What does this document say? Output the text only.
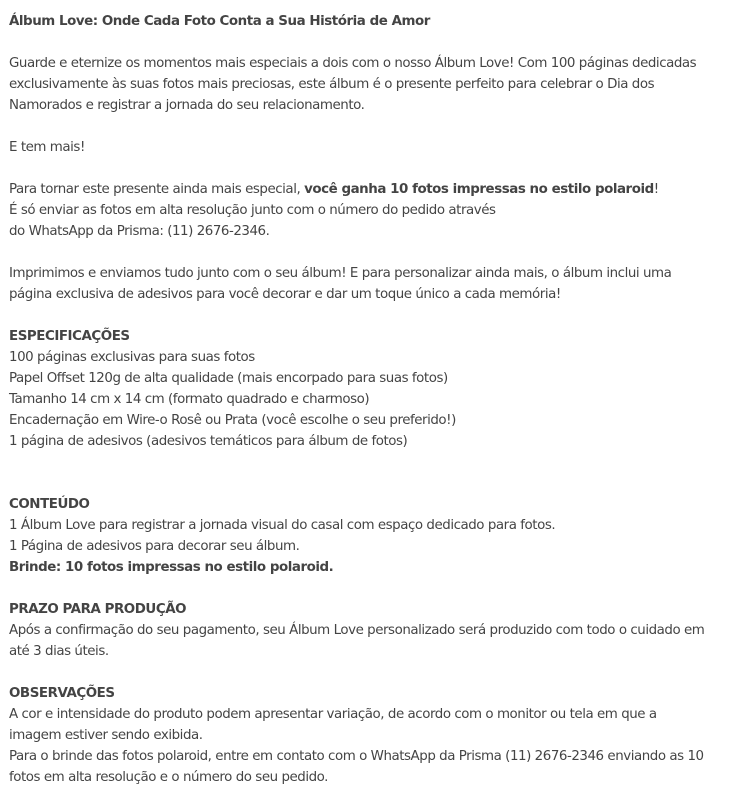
Álbum Love: Onde Cada Foto Conta a Sua História de Amor
Guarde e eternize os momentos mais especiais a dois com o nosso Álbum Love! Com 100 páginas dedicadas
exclusivamente às suas fotos mais preciosas, este álbum é o presente perfeito para celebrar o Dia dos
Namorados e registrar a jornada do seu relacionamento.
E tem mais!
Para tornar este presente ainda mais especial, você ganha 10 fotos impressas no estilo polaroid!
É só enviar as fotos em alta resolução junto com o número do pedido através
do WhatsApp da Prisma: (11) 2676-2346.
Imprimimos e enviamos tudo junto com o seu álbum! E para personalizar ainda mais, o álbum inclui uma
página exclusiva de adesivos para você decorar e dar um toque único a cada memória!
ESPECIFICAÇÕES
100 páginas exclusivas para suas fotos
Papel Offset 120g de alta qualidade (mais encorpado para suas fotos)
Tamanho 14 cm x 14 cm (formato quadrado e charmoso)
Encadernação em Wire-o Rosê ou Prata (você escolhe o seu preferido!)
1 página de adesivos (adesivos temáticos para álbum de fotos)
CONTEÚDO
1 Álbum Love para registrar a jornada visual do casal com espaço dedicado para fotos.
1 Página de adesivos para decorar seu álbum.
Brinde: 10 fotos impressas no estilo polaroid.
PRAZO PARA PRODUÇÃO
Após a confirmação do seu pagamento, seu Álbum Love personalizado será produzido com todo o cuidado em
até 3 dias úteis.
OBSERVAÇÕES
A cor e intensidade do produto podem apresentar variação, de acordo com o monitor ou tela em que a
imagem estiver sendo exibida.
Para o brinde das fotos polaroid, entre em contato com o WhatsApp da Prisma (11) 2676-2346 enviando as 10
fotos em alta resolução e o número do seu pedido.
